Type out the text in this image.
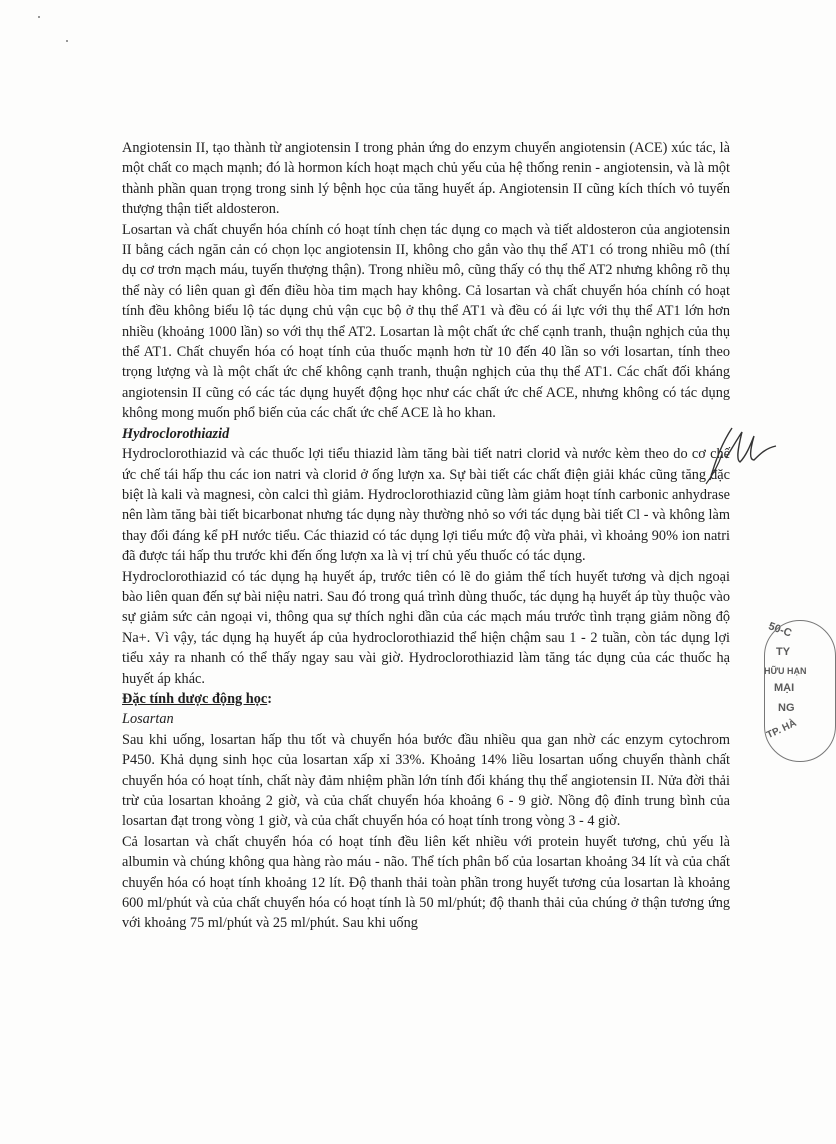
Angiotensin II, tạo thành từ angiotensin I trong phản ứng do enzym chuyển angiotensin (ACE) xúc tác, là một chất co mạch mạnh; đó là hormon kích hoạt mạch chủ yếu của hệ thống renin - angiotensin, và là một thành phần quan trọng trong sinh lý bệnh học của tăng huyết áp. Angiotensin II cũng kích thích vỏ tuyến thượng thận tiết aldosteron.

Losartan và chất chuyển hóa chính có hoạt tính chẹn tác dụng co mạch và tiết aldosteron của angiotensin II bằng cách ngăn cản có chọn lọc angiotensin II, không cho gắn vào thụ thể AT1 có trong nhiều mô (thí dụ cơ trơn mạch máu, tuyến thượng thận). Trong nhiều mô, cũng thấy có thụ thể AT2 nhưng không rõ thụ thể này có liên quan gì đến điều hòa tim mạch hay không. Cả losartan và chất chuyển hóa chính có hoạt tính đều không biểu lộ tác dụng chủ vận cục bộ ở thụ thể AT1 và đều có ái lực với thụ thể AT1 lớn hơn nhiều (khoảng 1000 lần) so với thụ thể AT2. Losartan là một chất ức chế cạnh tranh, thuận nghịch của thụ thể AT1. Chất chuyển hóa có hoạt tính của thuốc mạnh hơn từ 10 đến 40 lần so với losartan, tính theo trọng lượng và là một chất ức chế không cạnh tranh, thuận nghịch của thụ thể AT1. Các chất đối kháng angiotensin II cũng có các tác dụng huyết động học như các chất ức chế ACE, nhưng không có tác dụng không mong muốn phổ biến của các chất ức chế ACE là ho khan.

Hydroclorothiazid

Hydroclorothiazid và các thuốc lợi tiểu thiazid làm tăng bài tiết natri clorid và nước kèm theo do cơ chế ức chế tái hấp thu các ion natri và clorid ở ống lượn xa. Sự bài tiết các chất điện giải khác cũng tăng đặc biệt là kali và magnesi, còn calci thì giảm. Hydroclorothiazid cũng làm giảm hoạt tính carbonic anhydrase nên làm tăng bài tiết bicarbonat nhưng tác dụng này thường nhỏ so với tác dụng bài tiết Cl - và không làm thay đổi đáng kể pH nước tiểu. Các thiazid có tác dụng lợi tiểu mức độ vừa phải, vì khoảng 90% ion natri đã được tái hấp thu trước khi đến ống lượn xa là vị trí chủ yếu thuốc có tác dụng.

Hydroclorothiazid có tác dụng hạ huyết áp, trước tiên có lẽ do giảm thể tích huyết tương và dịch ngoại bào liên quan đến sự bài niệu natri. Sau đó trong quá trình dùng thuốc, tác dụng hạ huyết áp tùy thuộc vào sự giảm sức cản ngoại vi, thông qua sự thích nghi dần của các mạch máu trước tình trạng giảm nồng độ Na+. Vì vậy, tác dụng hạ huyết áp của hydroclorothiazid thể hiện chậm sau 1 - 2 tuần, còn tác dụng lợi tiểu xảy ra nhanh có thể thấy ngay sau vài giờ. Hydroclorothiazid làm tăng tác dụng của các thuốc hạ huyết áp khác.

Đặc tính dược động học:

Losartan

Sau khi uống, losartan hấp thu tốt và chuyển hóa bước đầu nhiều qua gan nhờ các enzym cytochrom P450. Khả dụng sinh học của losartan xấp xỉ 33%. Khoảng 14% liều losartan uống chuyển thành chất chuyển hóa có hoạt tính, chất này đảm nhiệm phần lớn tính đối kháng thụ thể angiotensin II. Nửa đời thải trừ của losartan khoảng 2 giờ, và của chất chuyển hóa khoảng 6 - 9 giờ. Nồng độ đỉnh trung bình của losartan đạt trong vòng 1 giờ, và của chất chuyển hóa có hoạt tính trong vòng 3 - 4 giờ.

Cả losartan và chất chuyển hóa có hoạt tính đều liên kết nhiều với protein huyết tương, chủ yếu là albumin và chúng không qua hàng rào máu - não. Thể tích phân bố của losartan khoảng 34 lít và của chất chuyển hóa có hoạt tính khoảng 12 lít. Độ thanh thải toàn phần trong huyết tương của losartan là khoảng 600 ml/phút và của chất chuyển hóa có hoạt tính là 50 ml/phút; độ thanh thải của chúng ở thận tương ứng với khoảng 75 ml/phút và 25 ml/phút. Sau khi uống

50-C
TY
HỮU HẠN
MẠI
NG
TP. HÀ
